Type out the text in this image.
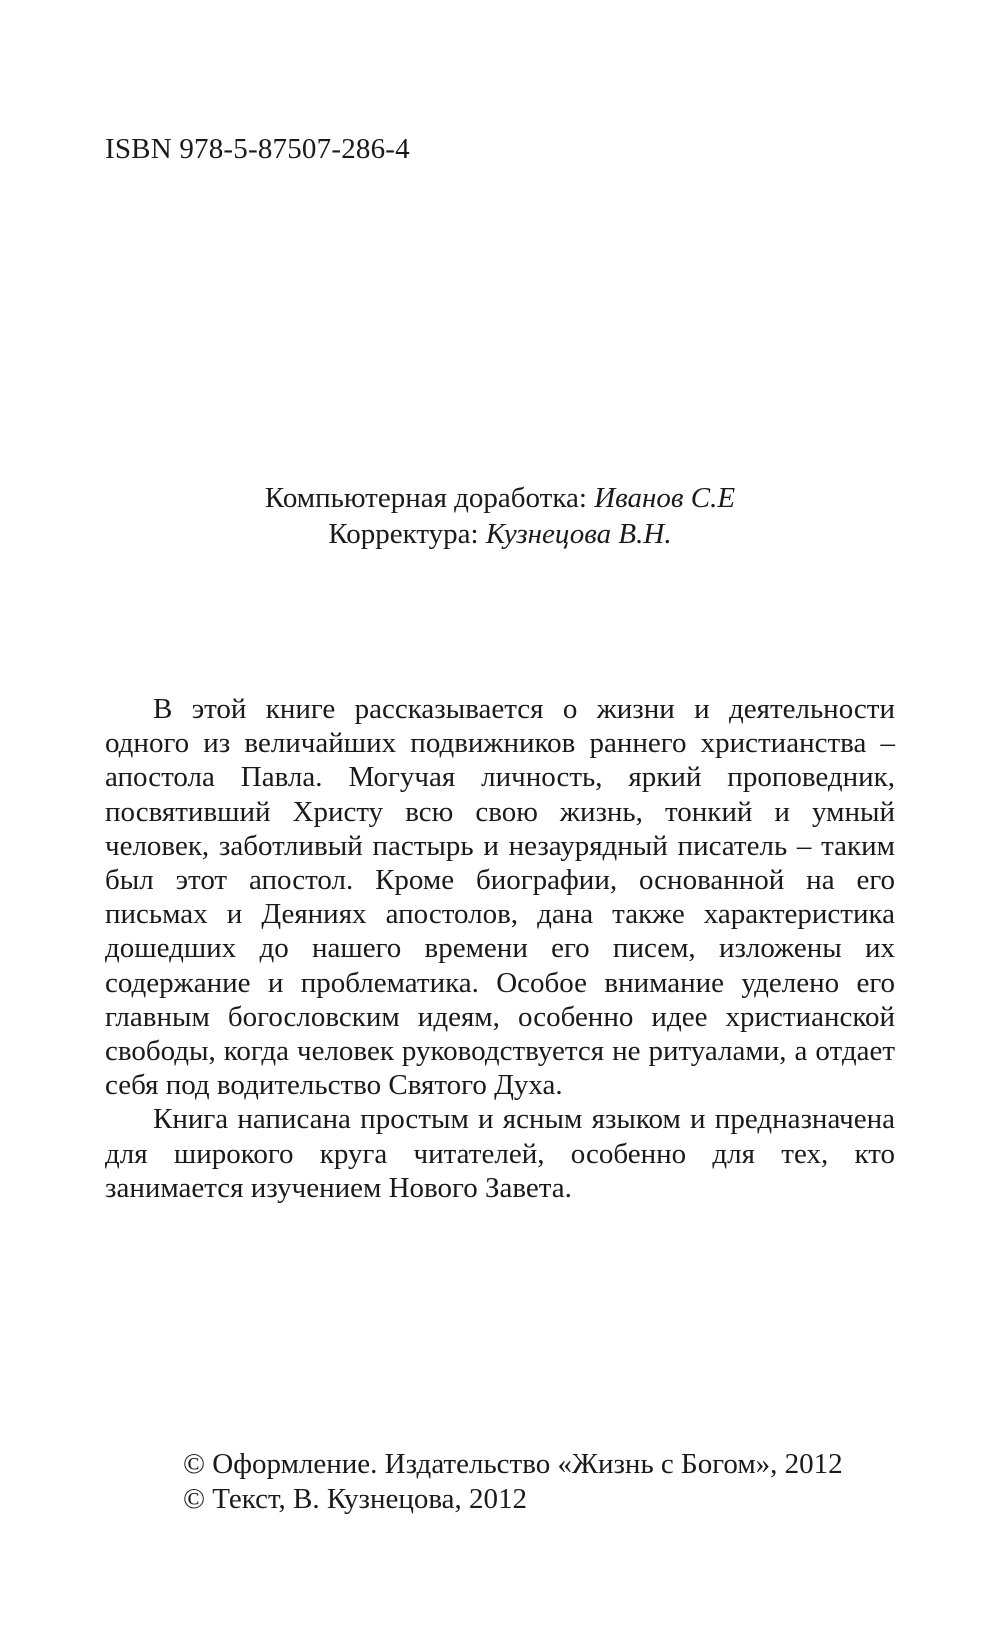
ISBN 978-5-87507-286-4
Компьютерная доработка: Иванов С.Е
Корректура: Кузнецова В.Н.

В этой книге рассказывается о жизни и деятельности одного из величайших подвижников раннего христианства – апостола Павла. Могучая личность, яркий проповедник, посвятивший Христу всю свою жизнь, тонкий и умный человек, заботливый пастырь и незаурядный писатель – таким был этот апостол. Кроме биографии, основанной на его письмах и Деяниях апостолов, дана также характеристика дошедших до нашего времени его писем, изложены их содержание и проблематика. Особое внимание уделено его главным богословским идеям, особенно идее христианской свободы, когда человек руководствуется не ритуалами, а отдает себя под водительство Святого Духа.

Книга написана простым и ясным языком и предназначена для широкого круга читателей, особенно для тех, кто занимается изучением Нового Завета.

© Оформление. Издательство «Жизнь с Богом», 2012
© Текст, В. Кузнецова, 2012
